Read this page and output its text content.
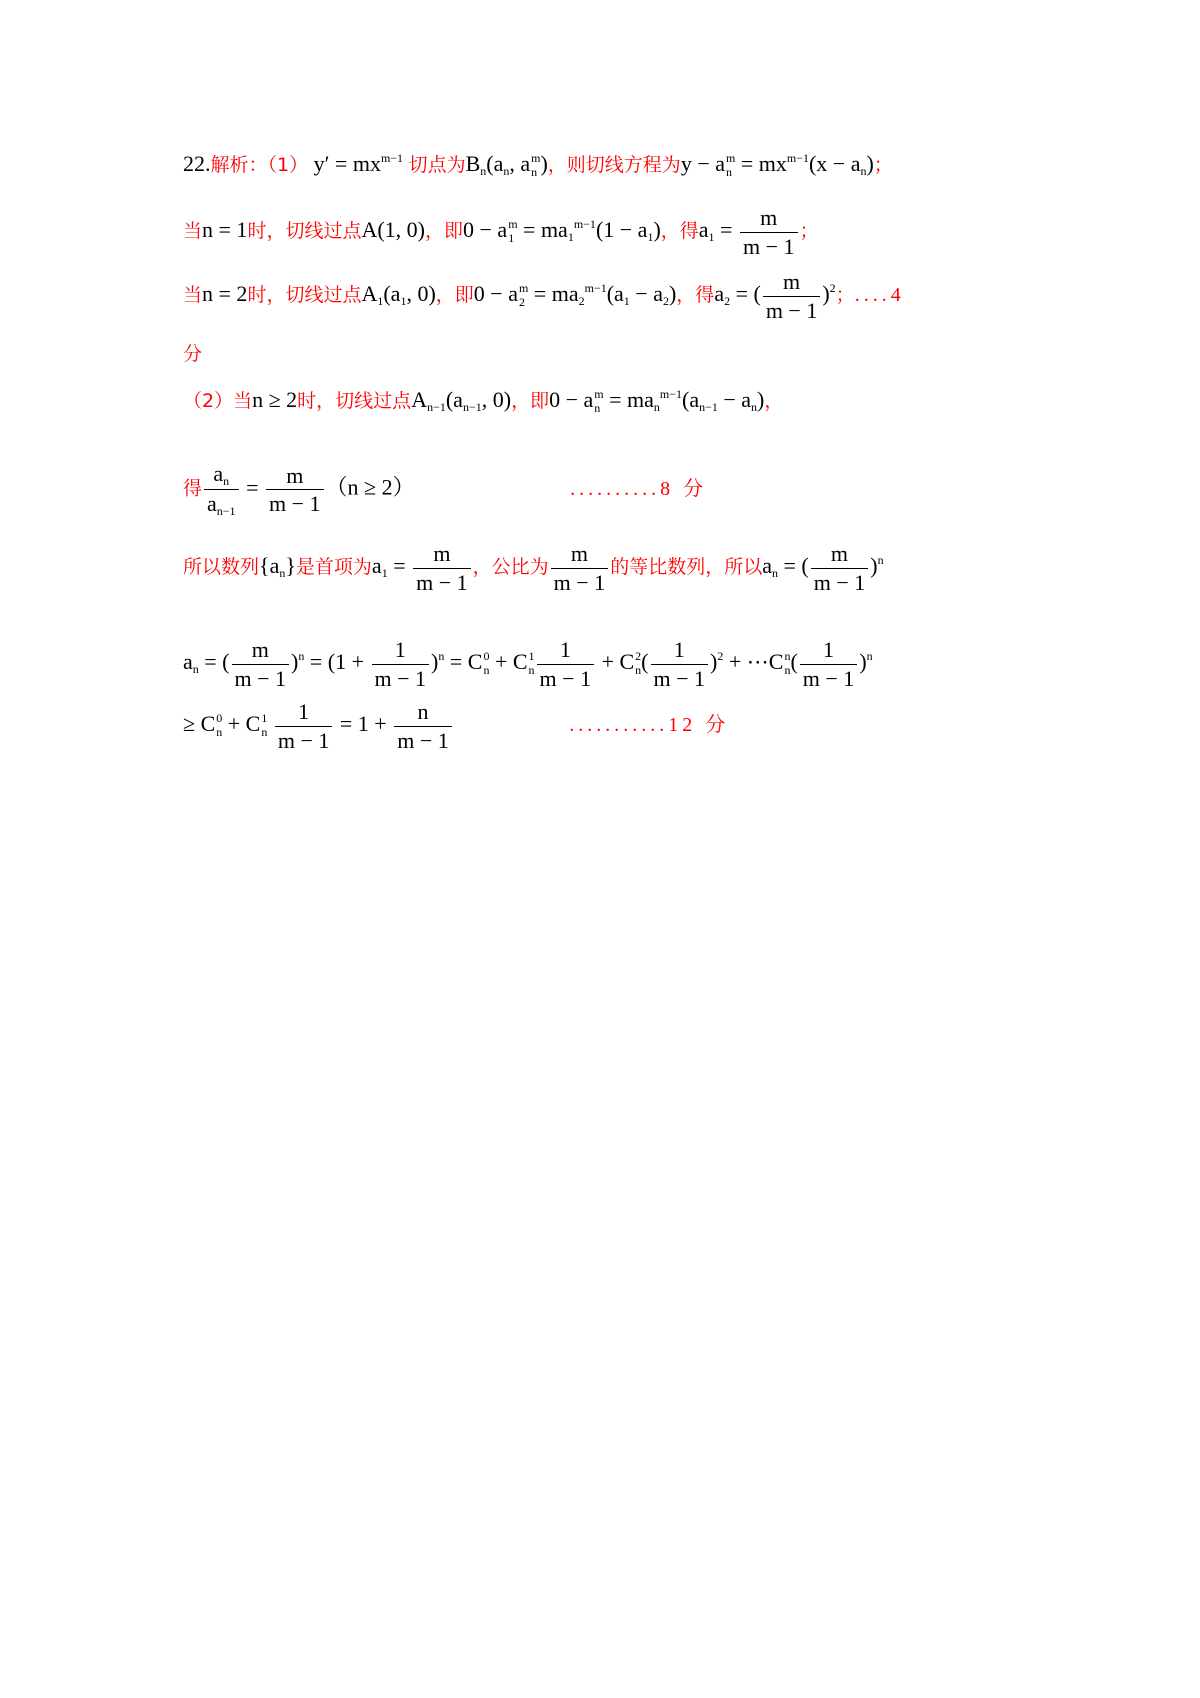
22.解析：（1） $y' = mx^{m-1}$ 切点为$B_n(a_n$, a m
n )，则切线方程为y − a m
$n = mx^{m-1}(x - a_n)$；
当n = 1时，切线过点A(1, 0)，即0 − a m
$1 = ma_1^{m-1}(1 - a_1)$，得$a_1 = \frac{m}{m - 1}$ ；
当n = 2时，切线过点$A_1(a_1$, 0)，即0 − a m
$2 = ma_2^{m-1}(a_1 - a_2)$，得$a_2$ = ( $\frac{m}{m - 1} )^2$；....4
分
（2）当n ≥ 2时，切线过点$A_{n-1}(a_{n-1}$, 0)，即0 − a m
$n = ma_n^{m-1}(a_{n-1} - a_n)$，
得 $\frac{a_n}{a_{n-1}} = \frac{m}{m - 1} (n \ge 2)$	..........8 分
所以数列$\{a_n\}$是首项为$a_1 = \frac{m}{m - 1}$ ，公比为 $\frac{m}{m - 1}$ 的等比数列，所以$a_n$ = ( $\frac{m}{m - 1} )^n$
$a_n$ = ( $\frac{m}{m - 1} )^n = (1 + \frac{1}{m - 1} )^n = C$ 0
n + C 1
n $\frac{1}{m - 1} + C$ 2
n ( $\frac{1}{m - 1} )^2$ + ⋯C n
n ( $\frac{1}{m - 1} )^n$
≥ C 0
n + C 1
n
$\frac{1}{m - 1} = 1 + \frac{n}{m - 1}$	...........12 分
